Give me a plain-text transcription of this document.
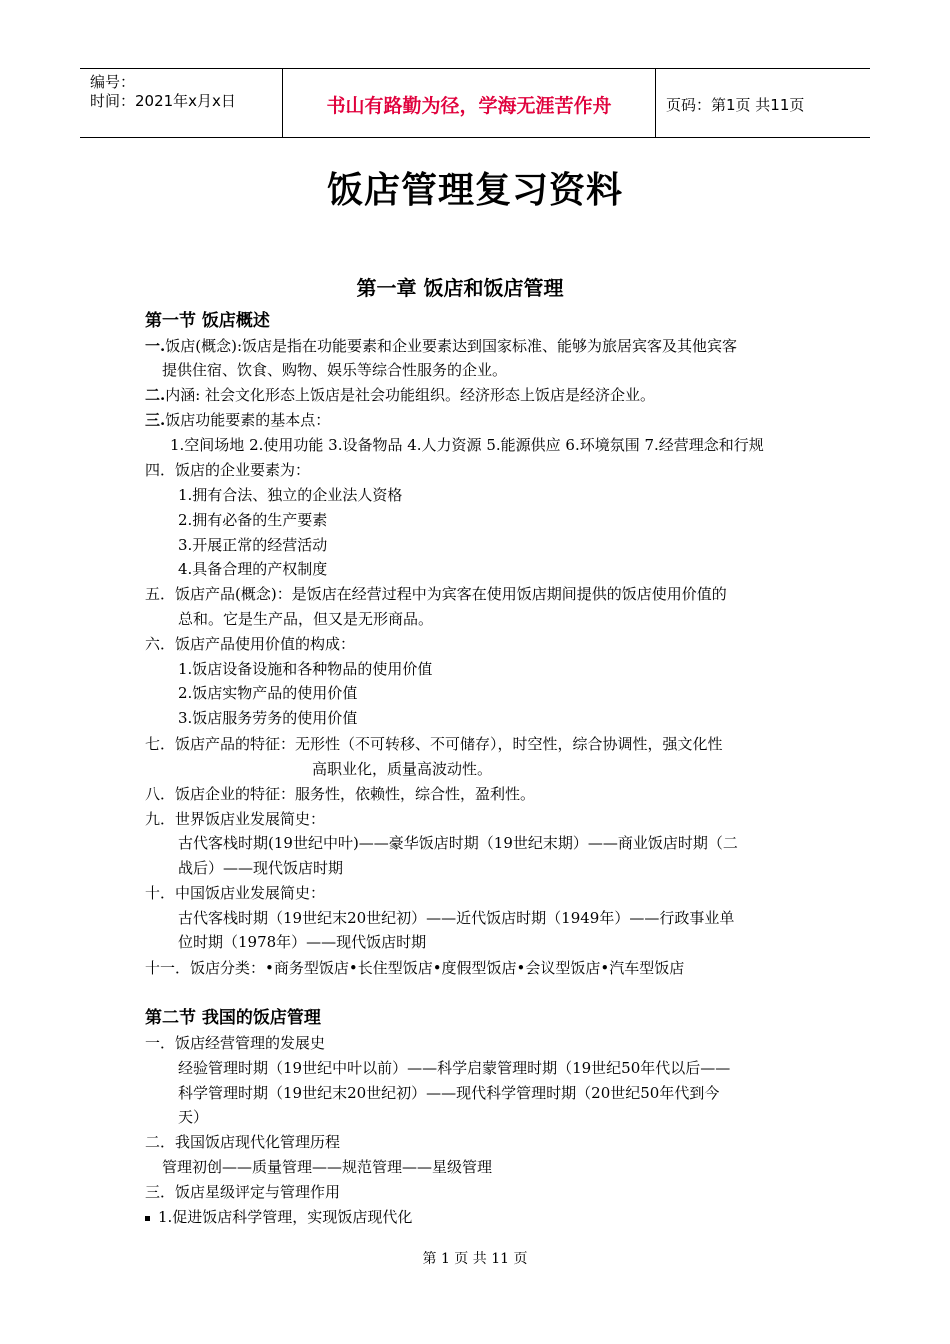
编号：
时间：2021年x月x日	书山有路勤为径，学海无涯苦作舟	页码：第1页 共11页
饭店管理复习资料
第一章 饭店和饭店管理
第一节 饭店概述
一.饭店(概念):饭店是指在功能要素和企业要素达到国家标准、能够为旅居宾客及其他宾客
提供住宿、饮食、购物、娱乐等综合性服务的企业。
二.内涵: 社会文化形态上饭店是社会功能组织。经济形态上饭店是经济企业。
三.饭店功能要素的基本点：
1.空间场地 2.使用功能 3.设备物品 4.人力资源 5.能源供应 6.环境氛围 7.经营理念和行规
四．饭店的企业要素为：
1.拥有合法、独立的企业法人资格
2.拥有必备的生产要素
3.开展正常的经营活动
4.具备合理的产权制度
五．饭店产品(概念)：是饭店在经营过程中为宾客在使用饭店期间提供的饭店使用价值的
总和。它是生产品，但又是无形商品。
六．饭店产品使用价值的构成：
1.饭店设备设施和各种物品的使用价值
2.饭店实物产品的使用价值
3.饭店服务劳务的使用价值
七．饭店产品的特征：无形性（不可转移、不可储存），时空性，综合协调性，强文化性
高职业化，质量高波动性。
八．饭店企业的特征：服务性，依赖性，综合性，盈利性。
九．世界饭店业发展简史：
古代客栈时期(19世纪中叶)——豪华饭店时期（19世纪末期）——商业饭店时期（二
战后）——现代饭店时期
十．中国饭店业发展简史：
古代客栈时期（19世纪末20世纪初）——近代饭店时期（1949年）——行政事业单
位时期（1978年）——现代饭店时期
十一．饭店分类：•商务型饭店•长住型饭店•度假型饭店•会议型饭店•汽车型饭店
第二节 我国的饭店管理
一．饭店经营管理的发展史
经验管理时期（19世纪中叶以前）——科学启蒙管理时期（19世纪50年代以后——
科学管理时期（19世纪末20世纪初）——现代科学管理时期（20世纪50年代到今
天）
二．我国饭店现代化管理历程
管理初创——质量管理——规范管理——星级管理
三．饭店星级评定与管理作用
1.促进饭店科学管理，实现饭店现代化
第 1 页 共 11 页
